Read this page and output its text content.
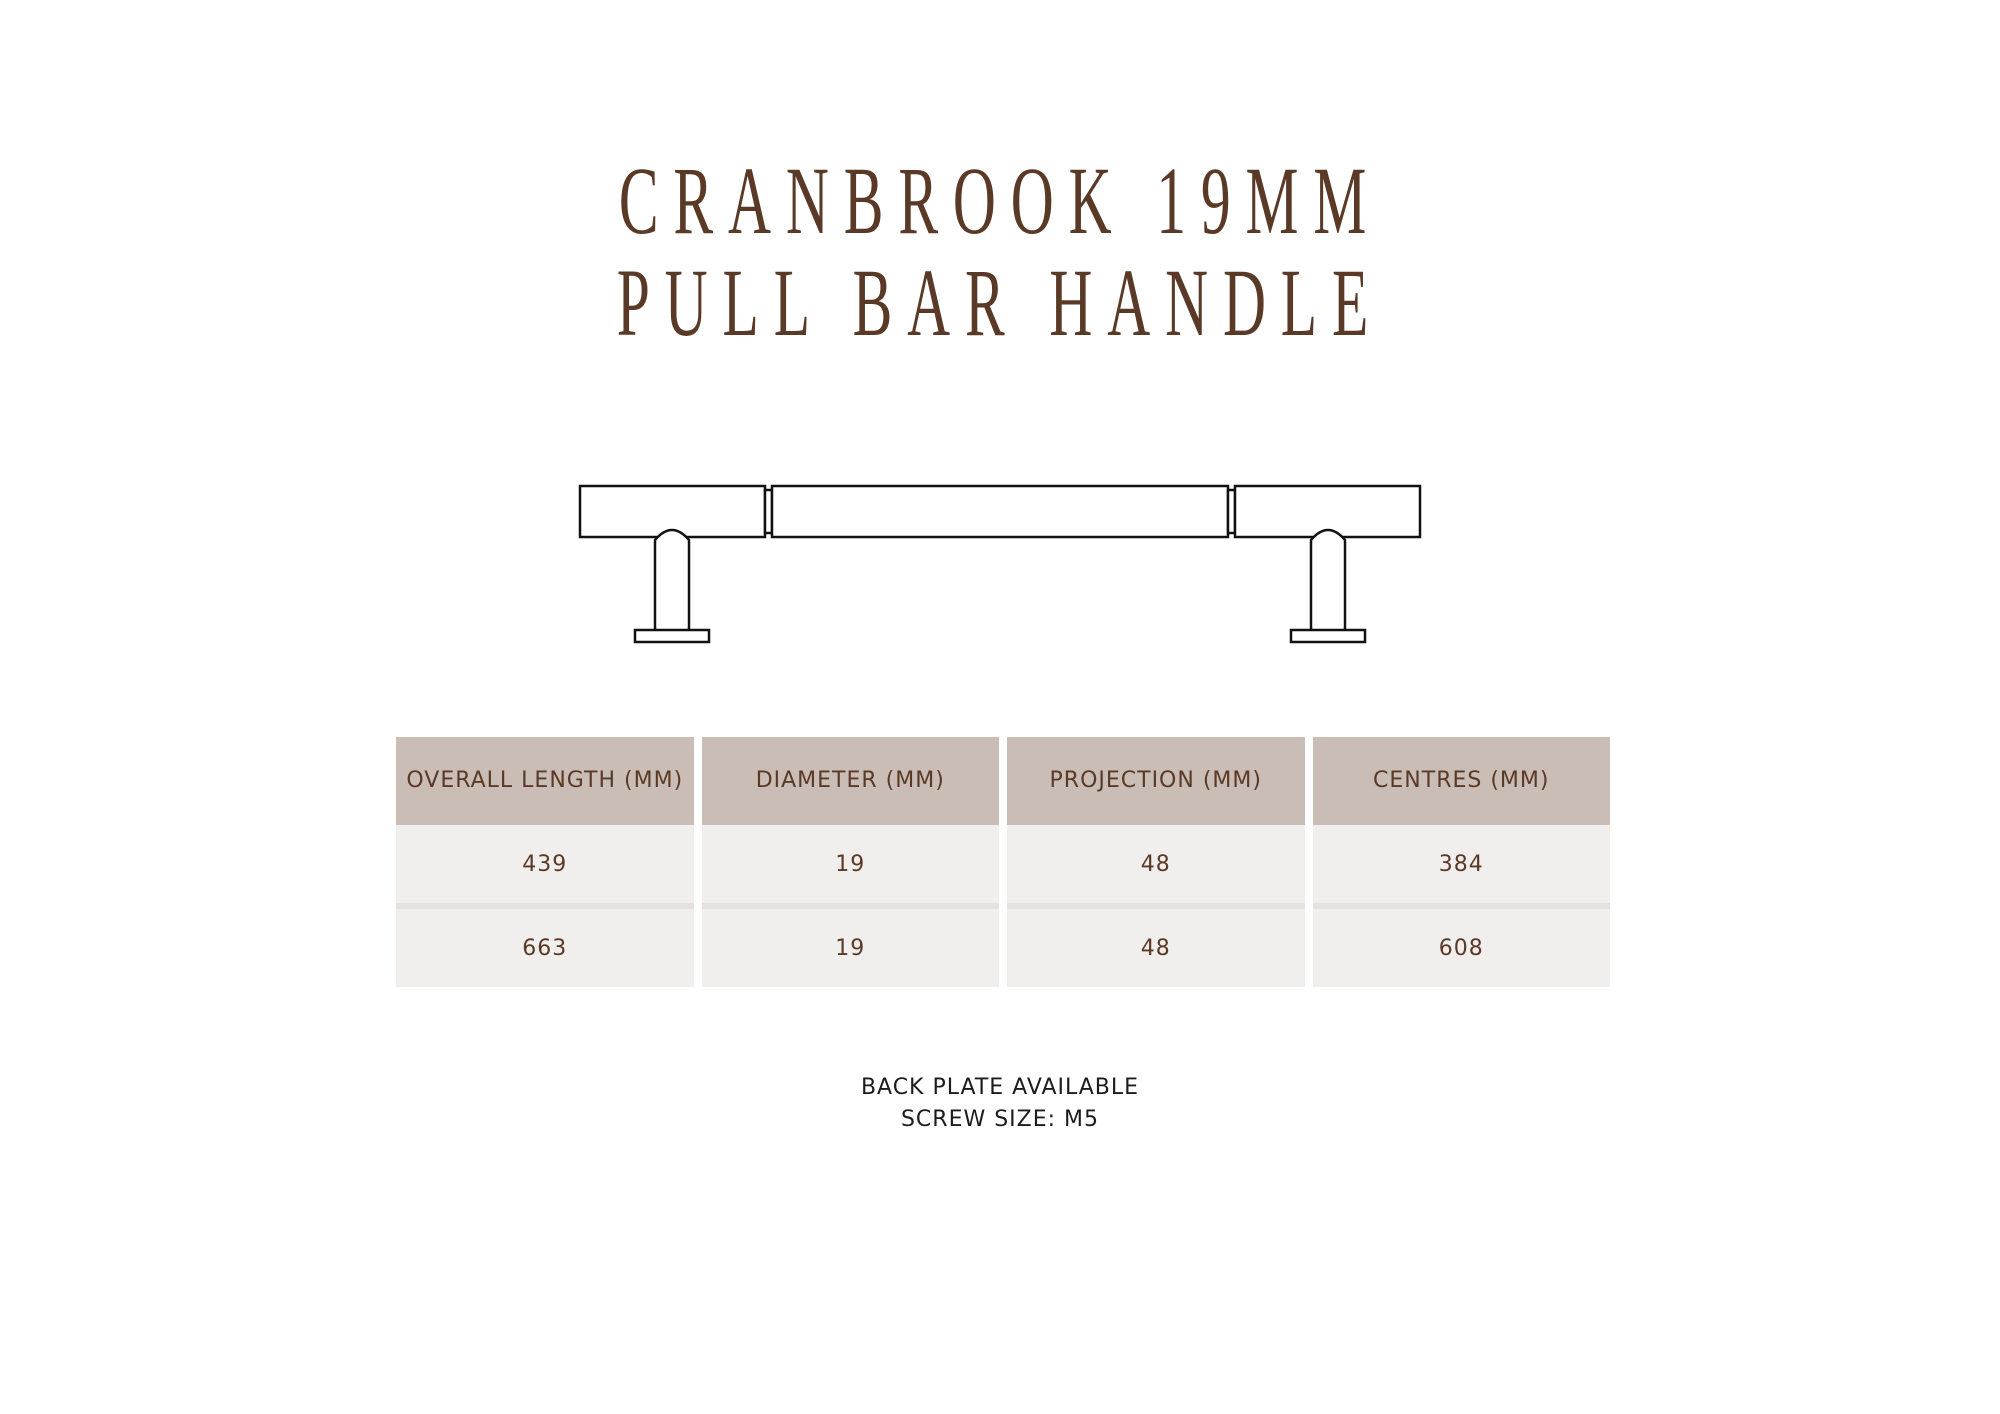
CRANBROOK 19MM
PULL BAR HANDLE
OVERALL LENGTH (MM)	DIAMETER (MM)	PROJECTION (MM)	CENTRES (MM)
439	19	48	384
663	19	48	608
BACK PLATE AVAILABLE
SCREW SIZE: M5
